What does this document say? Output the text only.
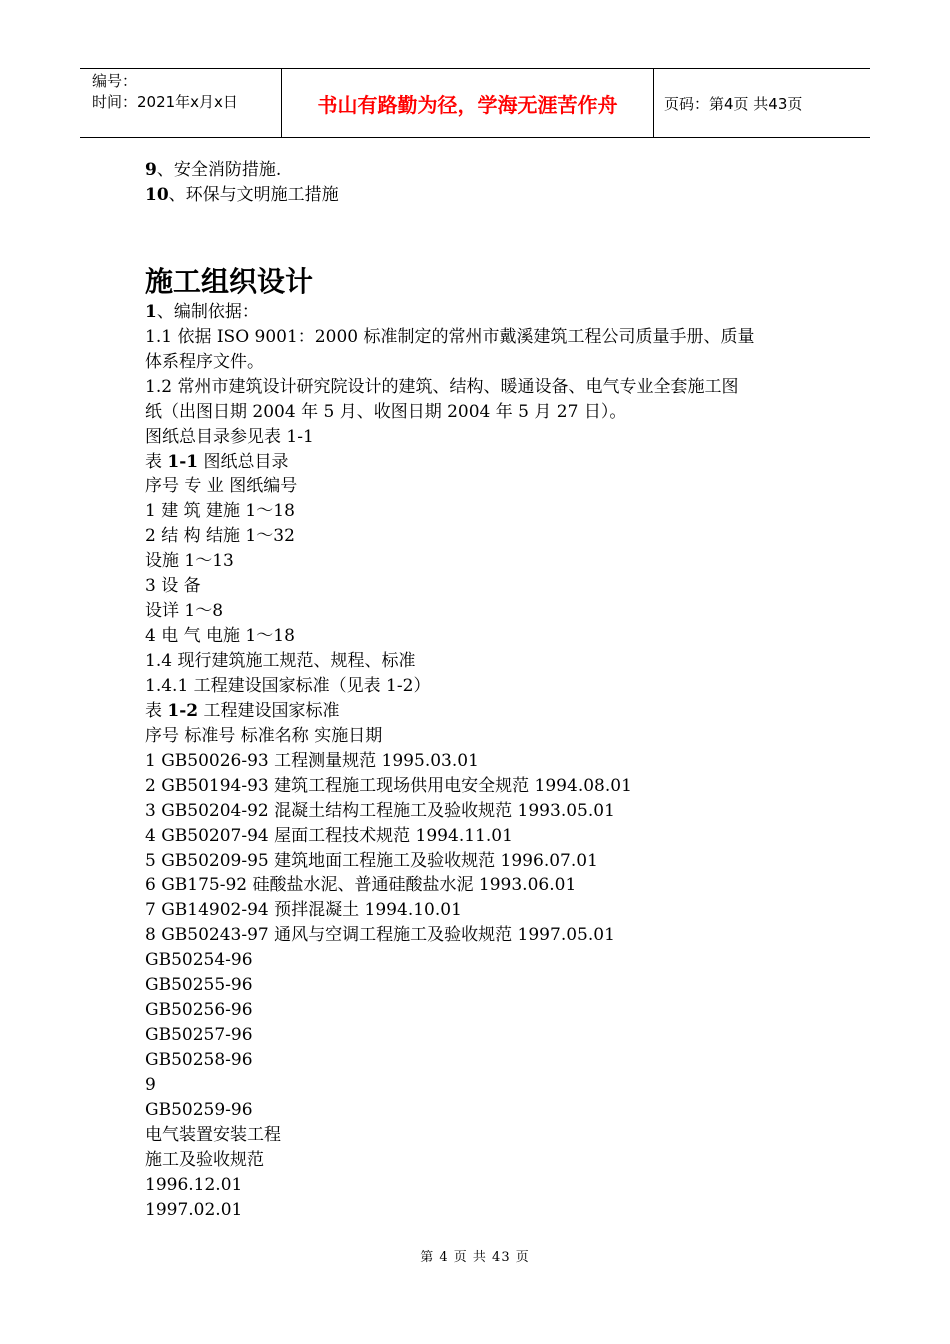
编号：
时间：2021年x月x日	书山有路勤为径，学海无涯苦作舟	页码：第4页 共43页
9、安全消防措施.
10、环保与文明施工措施
施工组织设计
1、编制依据：
1.1 依据 ISO 9001：2000 标准制定的常州市戴溪建筑工程公司质量手册、质量
体系程序文件。
1.2 常州市建筑设计研究院设计的建筑、结构、暖通设备、电气专业全套施工图
纸（出图日期 2004 年 5 月、收图日期 2004 年 5 月 27 日）。
图纸总目录参见表 1-1
表 1-1 图纸总目录
序号 专 业 图纸编号
1 建 筑 建施 1～18
2 结 构 结施 1～32
设施 1～13
3 设 备
设详 1～8
4 电 气 电施 1～18
1.4 现行建筑施工规范、规程、标准
1.4.1 工程建设国家标准（见表 1-2）
表 1-2 工程建设国家标准
序号 标准号 标准名称 实施日期
1 GB50026-93 工程测量规范 1995.03.01
2 GB50194-93 建筑工程施工现场供用电安全规范 1994.08.01
3 GB50204-92 混凝土结构工程施工及验收规范 1993.05.01
4 GB50207-94 屋面工程技术规范 1994.11.01
5 GB50209-95 建筑地面工程施工及验收规范 1996.07.01
6 GB175-92 硅酸盐水泥、普通硅酸盐水泥 1993.06.01
7 GB14902-94 预拌混凝土 1994.10.01
8 GB50243-97 通风与空调工程施工及验收规范 1997.05.01
GB50254-96
GB50255-96
GB50256-96
GB50257-96
GB50258-96
9
GB50259-96
电气装置安装工程
施工及验收规范
1996.12.01
1997.02.01
第 4 页 共 43 页
